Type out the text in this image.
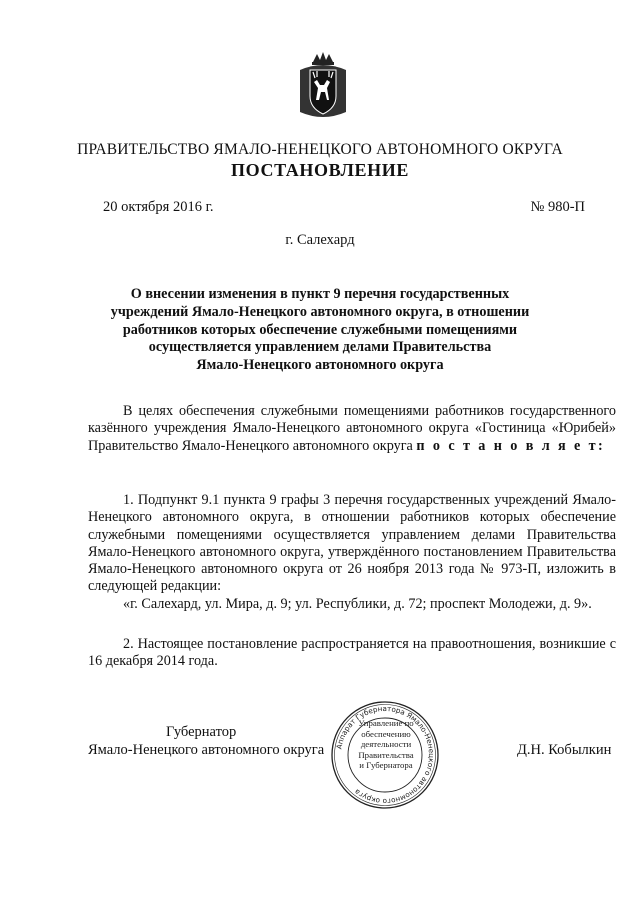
ПРАВИТЕЛЬСТВО ЯМАЛО-НЕНЕЦКОГО АВТОНОМНОГО ОКРУГА
ПОСТАНОВЛЕНИЕ
20 октября 2016 г.	№ 980-П
г. Салехард
О внесении изменения в пункт 9 перечня государственных
учреждений Ямало-Ненецкого автономного округа, в отношении
работников которых обеспечение служебными помещениями
осуществляется управлением делами Правительства
Ямало-Ненецкого автономного округа
В целях обеспечения служебными помещениями работников государственного казённого учреждения Ямало-Ненецкого автономного округа «Гостиница «Юрибей» Правительство Ямало-Ненецкого автономного округа п о с т а н о в л я е т:
1. Подпункт 9.1 пункта 9 графы 3 перечня государственных учреждений Ямало-Ненецкого автономного округа, в отношении работников которых обеспечение служебными помещениями осуществляется управлением делами Правительства Ямало-Ненецкого автономного округа, утверждённого постановлением Правительства Ямало-Ненецкого автономного округа от 26 ноября 2013 года № 973-П, изложить в следующей редакции:
«г. Салехард, ул. Мира, д. 9; ул. Республики, д. 72; проспект Молодежи, д. 9».
2. Настоящее постановление распространяется на правоотношения, возникшие с 16 декабря 2014 года.
Аппарат Губернатора Ямало-Ненецкого автономного округа
Управление по
обеспечению
деятельности
Правительства
и Губернатора
Губернатор
Ямало-Ненецкого автономного округа	Д.Н. Кобылкин
